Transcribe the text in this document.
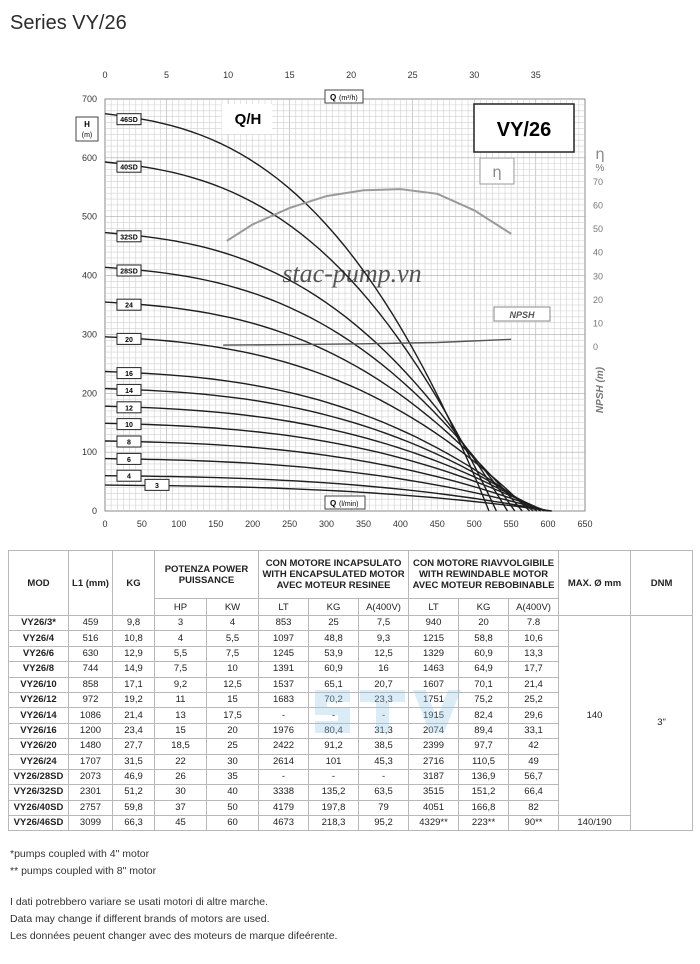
Series VY/26
0	5	10	15	20	25	30	35
0	50	100 150 200 250 300 350 400 450 500 550 600 650
0
100
200
300
400
500
600
700
0
10
20
30
40
50
60
70
46SD
40SD
32SD
28SD
24
20
16
14
12
10
8
6
4
3
VY/26
Q/H
η
η
%
NPSH
NPSH (m)
H
(m)
Q (m³/h)
Q (l/min)
stac-pump.vn
MOD	L1 (mm)	KG	POTENZA POWER PUISSANCE		CON MOTORE INCAPSULATO WITH ENCAPSULATED MOTOR AVEC MOTEUR RESINEE			CON MOTORE RIAVVOLGIBILE WITH REWINDABLE MOTOR AVEC MOTEUR REBOBINABLE			MAX. Ø mm	DNM
			HP	KW	LT	KG	A(400V)	LT	KG	A(400V)		
VY26/3*	459	9,8	3	4	853	25	7,5	940	20	7.8	140	3"
VY26/4	516	10,8	4	5,5	1097	48,8	9,3	1215	58,8	10,6		
VY26/6	630	12,9	5,5	7,5	1245	53,9	12,5	1329	60,9	13,3		
VY26/8	744	14,9	7,5	10	1391	60,9	16	1463	64,9	17,7		
VY26/10	858	17,1	9,2	12,5	1537	65,1	20,7	1607	70,1	21,4		
VY26/12	972	19,2	11	15	1683	70,2	23,3	1751	75,2	25,2		
VY26/14	1086	21,4	13	17,5	-	-	-	1915	82,4	29,6		
VY26/16	1200	23,4	15	20	1976	80,4	31,3	2074	89,4	33,1		
VY26/20	1480	27,7	18,5	25	2422	91,2	38,5	2399	97,7	42		
VY26/24	1707	31,5	22	30	2614	101	45,3	2716	110,5	49		
VY26/28SD	2073	46,9	26	35	-	-	-	3187	136,9	56,7		
VY26/32SD	2301	51,2	30	40	3338	135,2	63,5	3515	151,2	66,4		
VY26/40SD	2757	59,8	37	50	4179	197,8	79	4051	166,8	82		
VY26/46SD	3099	66,3	45	60	4673	218,3	95,2	4329**	223**	90**	140/190	
*pumps coupled with 4" motor
** pumps coupled with 8" motor
I dati potrebbero variare se usati motori di altre marche.
Data may change if different brands of motors are used.
Les données peuent changer avec des moteurs de marque difeérente.
